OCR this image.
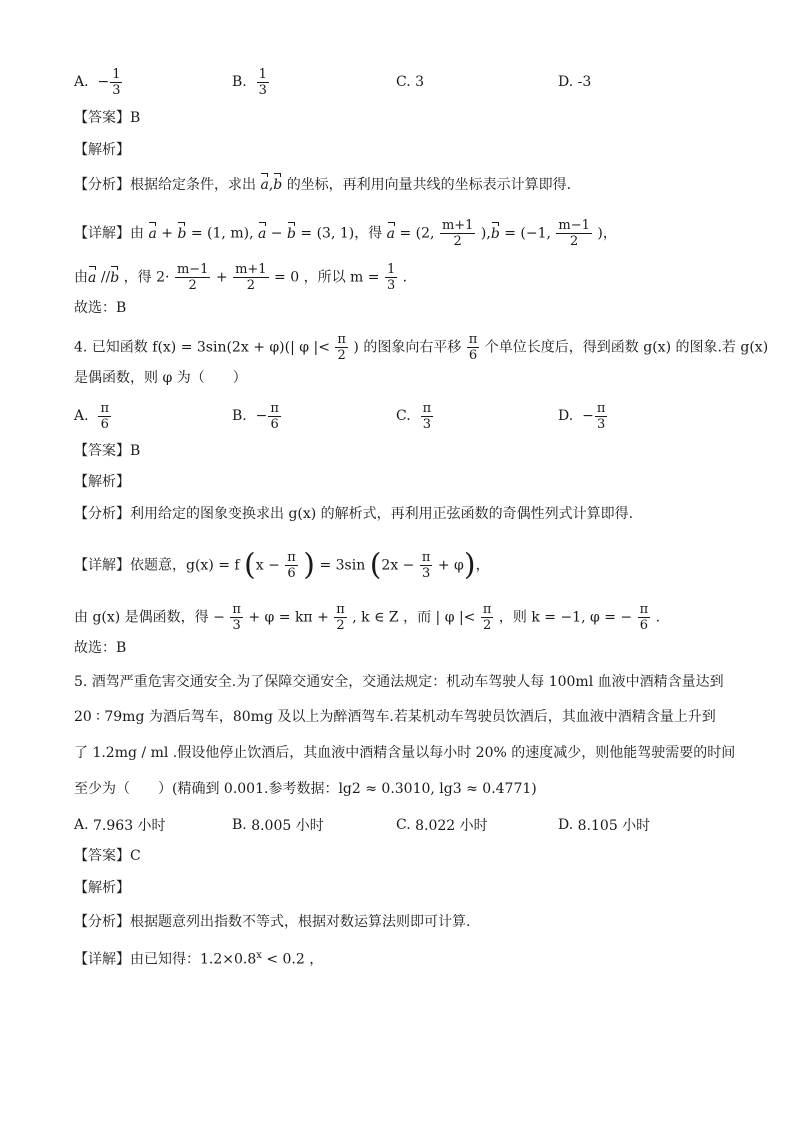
A.
− $\frac{1}{3}$	B.
$\frac{1}{3}$	C.
3	D.
-3
【答案】B
【解析】
【分析】根据给定条件，求出 a,b 的坐标，再利用向量共线的坐标表示计算即得.
【详解】由 a + b = (1, m), a − b = (3, 1)，得 a = (2, $\frac{m+1}{2} ),b = (-1$, $\frac{m-1}{2}$ )，
由a //b ，得 $2\cdot \frac{m-1}{2} + \frac{m+1}{2} = 0$ ，所以 $m = \frac{1}{3}$ .
故选：B
4. 已知函数 f(x) = 3sin(2x + φ)(| φ |< $\frac{\pi}{2}$ ) 的图象向右平移 $\frac{\pi}{6}$ 个单位长度后，得到函数 g(x) 的图象.若 g(x)
是偶函数，则 φ 为（　　）
A.
$\frac{\pi}{6}$	B.
− $\frac{\pi}{6}$	C.
$\frac{\pi}{3}$	D.
− $\frac{\pi}{3}$
【答案】B
【解析】
【分析】利用给定的图象变换求出 g(x) 的解析式，再利用正弦函数的奇偶性列式计算即得.
【详解】依题意，g(x) = f ($x - \frac{\pi}{6}$ ) = 3sin $(2x - \frac{\pi}{3} + \varphi)$，
由 g(x) 是偶函数，得 − $\frac{\pi}{3} + \varphi = k\pi + \frac{\pi}{2}$ , k ∈ Z ，而 | φ |< $\frac{\pi}{2}$ ，则 k = −1, φ = − $\frac{\pi}{6}$ .
故选：B
5. 酒驾严重危害交通安全.为了保障交通安全，交通法规定：机动车驾驶人每 100ml 血液中酒精含量达到
20 ∶ 79mg 为酒后驾车，80mg 及以上为醉酒驾车.若某机动车驾驶员饮酒后，其血液中酒精含量上升到
了 1.2mg / ml .假设他停止饮酒后，其血液中酒精含量以每小时 20% 的速度减少，则他能驾驶需要的时间
至少为（　　）(精确到 0.001.参考数据：lg2 ≈ 0.3010, lg3 ≈ 0.4771)
A.
7.963 小时	B.
8.005 小时	C.
8.022 小时	D.
8.105 小时
【答案】C
【解析】
【分析】根据题意列出指数不等式，根据对数运算法则即可计算.
【详解】由已知得：$1.2\times 0.8^x < 0.2$ ，
